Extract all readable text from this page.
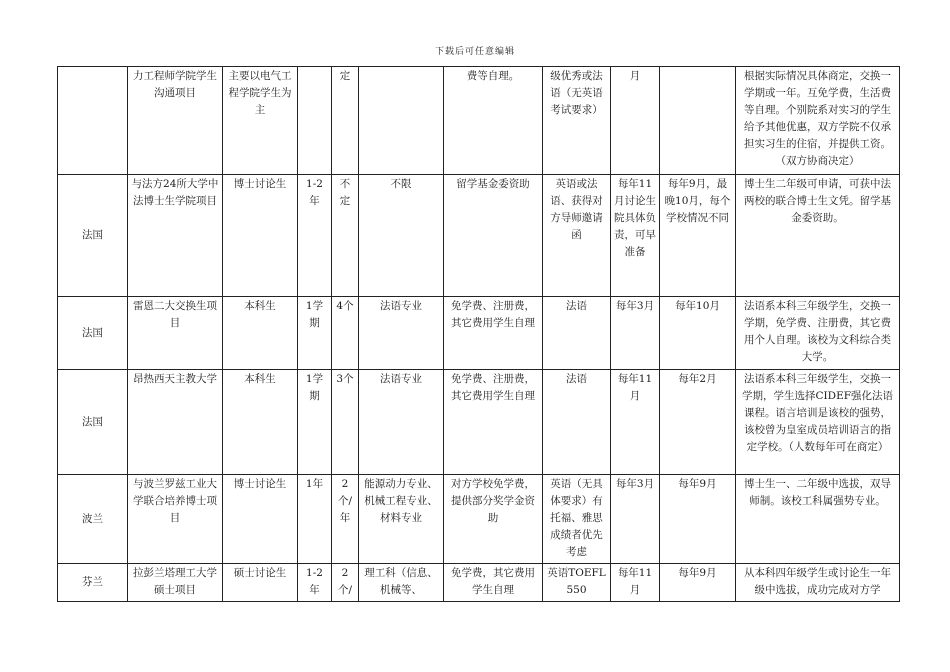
下载后可任意编辑
	力工程师学院学生沟通项目	主要以电气工程学院学生为主		定		费等自理。	级优秀或法语（无英语考试要求）	月		根据实际情况具体商定，交换一学期或一年。互免学费，生活费等自理。个别院系对实习的学生给予其他优惠，双方学院不仅承担实习生的住宿，并提供工资。（双方协商决定）
法国	与法方24所大学中法博士生学院项目	博士讨论生	1-2年	不定	不限	留学基金委资助	英语或法语、获得对方导师邀请函	每年11月讨论生院具体负责，可早准备	每年9月，最晚10月，每个学校情况不同	博士生二年级可申请，可获中法两校的联合博士生文凭。留学基金委资助。
法国	雷恩二大交换生项目	本科生	1学期	4个	法语专业	免学费、注册费，其它费用学生自理	法语	每年3月	每年10月	法语系本科三年级学生，交换一学期，免学费、注册费，其它费用个人自理。该校为文科综合类大学。
法国	昂热西天主教大学	本科生	1学期	3个	法语专业	免学费、注册费，其它费用学生自理	法语	每年11月	每年2月	法语系本科三年级学生，交换一学期，学生选择CIDEF强化法语课程。语言培训是该校的强势，该校曾为皇室成员培训语言的指定学校。（人数每年可在商定）
波兰	与波兰罗兹工业大学联合培养博士项目	博士讨论生	1年	2个/年	能源动力专业、机械工程专业、材料专业	对方学校免学费，提供部分奖学金资助	英语（无具体要求）有托福、雅思成绩者优先考虑	每年3月	每年9月	博士生一、二年级中选拔，双导师制。该校工科属强势专业。
芬兰	拉彭兰塔理工大学硕士项目	硕士讨论生	1-2年	2个/	理工科（信息、机械等、	免学费，其它费用学生自理	英语TOEFL 550	每年11月	每年9月	从本科四年级学生或讨论生一年级中选拔，成功完成对方学
